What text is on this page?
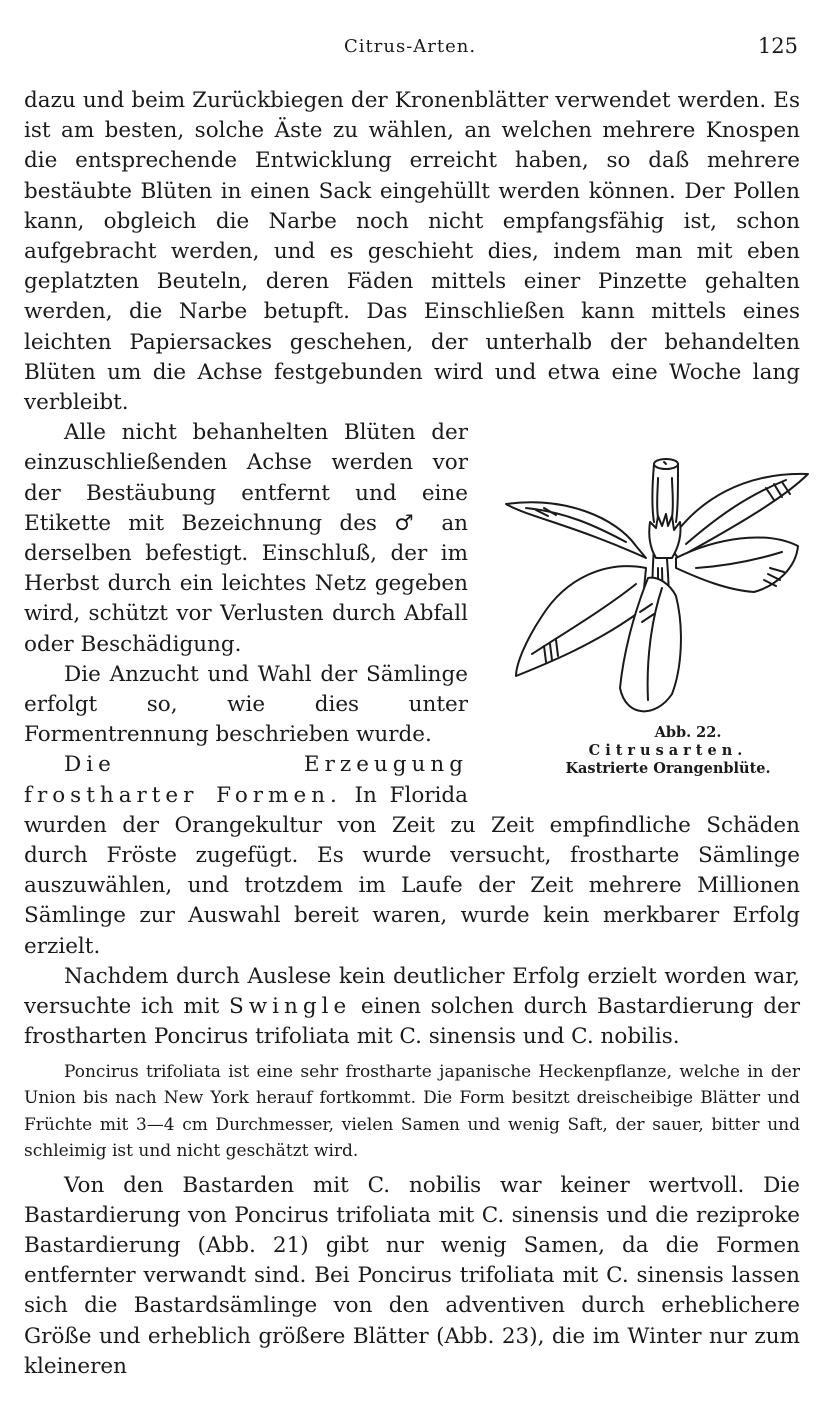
Citrus-Arten.	125

dazu und beim Zurückbiegen der Kronenblätter verwendet werden. Es ist am besten, solche Äste zu wählen, an welchen mehrere Knospen die entsprechende Entwicklung erreicht haben, so daß mehrere bestäubte Blüten in einen Sack eingehüllt werden können. Der Pollen kann, obgleich die Narbe noch nicht empfangsfähig ist, schon aufgebracht werden, und es geschieht dies, indem man mit eben geplatzten Beuteln, deren Fäden mittels einer Pinzette gehalten werden, die Narbe betupft. Das Einschließen kann mittels eines leichten Papiersackes geschehen, der unterhalb der behandelten Blüten um die Achse festgebunden wird und etwa eine Woche lang verbleibt.

Abb. 22. Citrusarten.
Kastrierte Orangenblüte.
Alle nicht behanhelten Blüten der einzuschließenden Achse werden vor der Bestäubung entfernt und eine Etikette mit Bezeichnung des ♂ an derselben befestigt. Einschluß, der im Herbst durch ein leichtes Netz gegeben wird, schützt vor Verlusten durch Abfall oder Beschädigung.

Die Anzucht und Wahl der Sämlinge erfolgt so, wie dies unter Formentrennung beschrieben wurde.

Die Erzeugung frostharter Formen. In Florida wurden der Orangekultur von Zeit zu Zeit empfindliche Schäden durch Fröste zugefügt. Es wurde versucht, frostharte Sämlinge auszuwählen, und trotzdem im Laufe der Zeit mehrere Millionen Sämlinge zur Auswahl bereit waren, wurde kein merkbarer Erfolg erzielt.

Nachdem durch Auslese kein deutlicher Erfolg erzielt worden war, versuchte ich mit Swingle einen solchen durch Bastardierung der frostharten Poncirus trifoliata mit C. sinensis und C. nobilis.

Poncirus trifoliata ist eine sehr frostharte japanische Heckenpflanze, welche in der Union bis nach New York herauf fortkommt. Die Form besitzt dreischeibige Blätter und Früchte mit 3—4 cm Durchmesser, vielen Samen und wenig Saft, der sauer, bitter und schleimig ist und nicht geschätzt wird.

Von den Bastarden mit C. nobilis war keiner wertvoll. Die Bastardierung von Poncirus trifoliata mit C. sinensis und die reziproke Bastardierung (Abb. 21) gibt nur wenig Samen, da die Formen entfernter verwandt sind. Bei Poncirus trifoliata mit C. sinensis lassen sich die Bastardsämlinge von den adventiven durch erheblichere Größe und erheblich größere Blätter (Abb. 23), die im Winter nur zum kleineren
